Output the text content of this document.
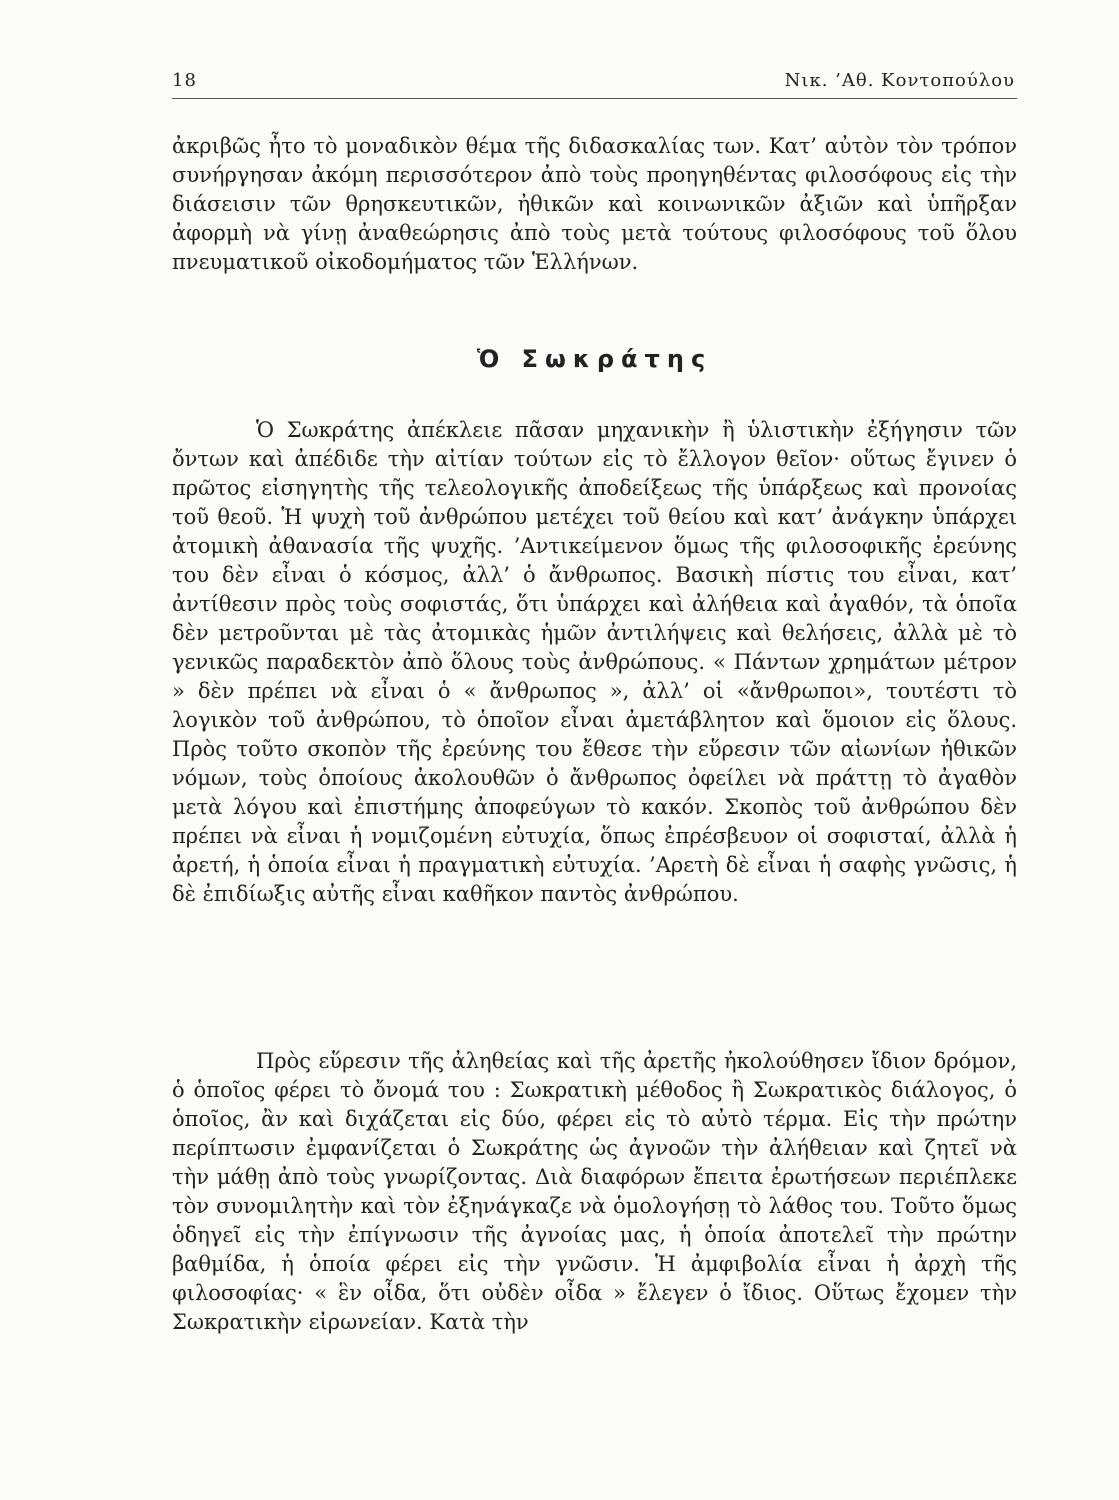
18	Νικ. ’Αθ. Κοντοπούλου

ἀκριβῶς ἦτο τὸ μοναδικὸν θέμα τῆς διδασκαλίας των. Κατ’ αὐτὸν τὸν τρόπον συνήργησαν ἀκόμη περισσότερον ἀπὸ τοὺς προηγηθέντας φιλοσόφους εἰς τὴν διάσεισιν τῶν θρησκευτικῶν, ἠθικῶν καὶ κοινωνικῶν ἀξιῶν καὶ ὑπῆρξαν ἀφορμὴ νὰ γίνῃ ἀναθεώρησις ἀπὸ τοὺς μετὰ τούτους φιλοσόφους τοῦ ὅλου πνευματικοῦ οἰκοδομήματος τῶν Ἑλλήνων.

Ὁ Σωκράτης

Ὁ Σωκράτης ἀπέκλειε πᾶσαν μηχανικὴν ἢ ὑλιστικὴν ἐξήγησιν τῶν ὄντων καὶ ἀπέδιδε τὴν αἰτίαν τούτων εἰς τὸ ἔλλογον θεῖον· οὕτως ἔγινεν ὁ πρῶτος εἰσηγητὴς τῆς τελεολογικῆς ἀποδείξεως τῆς ὑπάρξεως καὶ προνοίας τοῦ θεοῦ. Ἡ ψυχὴ τοῦ ἀνθρώπου μετέχει τοῦ θείου καὶ κατ’ ἀνάγκην ὑπάρχει ἀτομικὴ ἀθανασία τῆς ψυχῆς. ’Αντικείμενον ὅμως τῆς φιλοσοφικῆς ἐρεύνης του δὲν εἶναι ὁ κόσμος, ἀλλ’ ὁ ἄνθρωπος. Βασικὴ πίστις του εἶναι, κατ’ ἀντίθεσιν πρὸς τοὺς σοφιστάς, ὅτι ὑπάρχει καὶ ἀλήθεια καὶ ἀγαθόν, τὰ ὁποῖα δὲν μετροῦνται μὲ τὰς ἀτομικὰς ἡμῶν ἀντιλήψεις καὶ θελήσεις, ἀλλὰ μὲ τὸ γενικῶς παραδεκτὸν ἀπὸ ὅλους τοὺς ἀνθρώπους. « Πάντων χρημάτων μέτρον » δὲν πρέπει νὰ εἶναι ὁ « ἄνθρωπος », ἀλλ’ οἱ «ἄνθρωποι», τουτέστι τὸ λογικὸν τοῦ ἀνθρώπου, τὸ ὁποῖον εἶναι ἀμετάβλητον καὶ ὅμοιον εἰς ὅλους. Πρὸς τοῦτο σκοπὸν τῆς ἐρεύνης του ἔθεσε τὴν εὕρεσιν τῶν αἰωνίων ἠθικῶν νόμων, τοὺς ὁποίους ἀκολουθῶν ὁ ἄνθρωπος ὀφείλει νὰ πράττῃ τὸ ἀγαθὸν μετὰ λόγου καὶ ἐπιστήμης ἀποφεύγων τὸ κακόν. Σκοπὸς τοῦ ἀνθρώπου δὲν πρέπει νὰ εἶναι ἡ νομιζομένη εὐτυχία, ὅπως ἐπρέσβευον οἱ σοφισταί, ἀλλὰ ἡ ἀρετή, ἡ ὁποία εἶναι ἡ πραγματικὴ εὐτυχία. ’Αρετὴ δὲ εἶναι ἡ σαφὴς γνῶσις, ἡ δὲ ἐπιδίωξις αὐτῆς εἶναι καθῆκον παντὸς ἀνθρώπου.

Πρὸς εὕρεσιν τῆς ἀληθείας καὶ τῆς ἀρετῆς ἠκολούθησεν ἴδιον δρόμον, ὁ ὁποῖος φέρει τὸ ὄνομά του : Σωκρατικὴ μέθοδος ἢ Σωκρατικὸς διάλογος, ὁ ὁποῖος, ἂν καὶ διχάζεται εἰς δύο, φέρει εἰς τὸ αὐτὸ τέρμα. Εἰς τὴν πρώτην περίπτωσιν ἐμφανίζεται ὁ Σωκράτης ὡς ἀγνοῶν τὴν ἀλήθειαν καὶ ζητεῖ νὰ τὴν μάθῃ ἀπὸ τοὺς γνωρίζοντας. Διὰ διαφόρων ἔπειτα ἐρωτήσεων περιέπλεκε τὸν συνομιλητὴν καὶ τὸν ἐξηνάγκαζε νὰ ὁμολογήσῃ τὸ λάθος του. Τοῦτο ὅμως ὁδηγεῖ εἰς τὴν ἐπίγνωσιν τῆς ἀγνοίας μας, ἡ ὁποία ἀποτελεῖ τὴν πρώτην βαθμίδα, ἡ ὁποία φέρει εἰς τὴν γνῶσιν. Ἡ ἀμφιβολία εἶναι ἡ ἀρχὴ τῆς φιλοσοφίας· « ἓν οἶδα, ὅτι οὐδὲν οἶδα » ἔλεγεν ὁ ἴδιος. Οὕτως ἔχομεν τὴν Σωκρατικὴν εἰρωνείαν. Κατὰ τὴν
